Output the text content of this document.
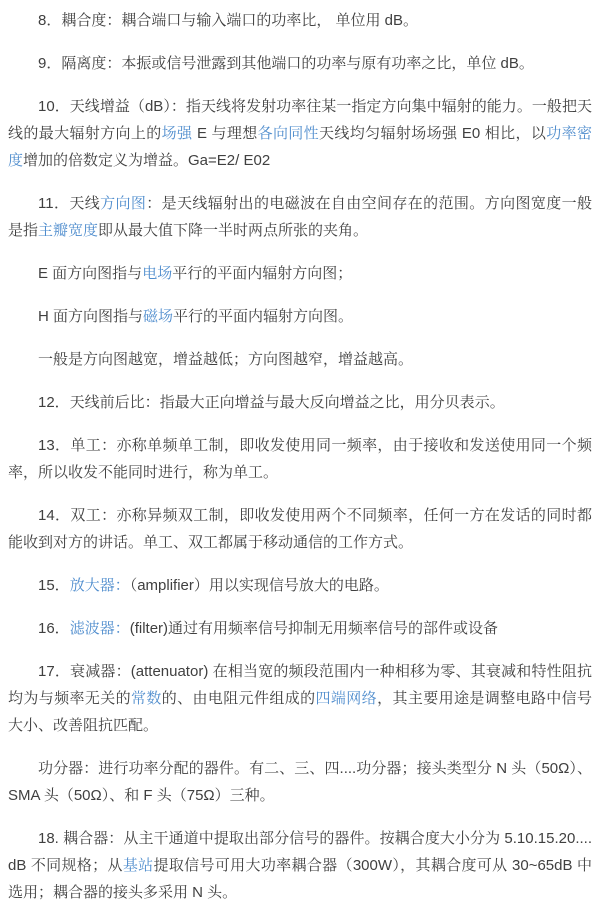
8．耦合度：耦合端口与输入端口的功率比， 单位用 dB。

9．隔离度：本振或信号泄露到其他端口的功率与原有功率之比，单位 dB。

10．天线增益（dB）：指天线将发射功率往某一指定方向集中辐射的能力。一般把天线的最大辐射方向上的场强 E 与理想各向同性天线均匀辐射场场强 E0 相比，以功率密度增加的倍数定义为增益。Ga=E2/ E02

11．天线方向图：是天线辐射出的电磁波在自由空间存在的范围。方向图宽度一般是指主瓣宽度即从最大值下降一半时两点所张的夹角。

E 面方向图指与电场平行的平面内辐射方向图；

H 面方向图指与磁场平行的平面内辐射方向图。

一般是方向图越宽，增益越低；方向图越窄，增益越高。

12．天线前后比：指最大正向增益与最大反向增益之比，用分贝表示。

13．单工：亦称单频单工制，即收发使用同一频率，由于接收和发送使用同一个频率，所以收发不能同时进行，称为单工。

14．双工：亦称异频双工制，即收发使用两个不同频率，任何一方在发话的同时都能收到对方的讲话。单工、双工都属于移动通信的工作方式。

15．放大器：（amplifier）用以实现信号放大的电路。

16．滤波器：(filter)通过有用频率信号抑制无用频率信号的部件或设备

17．衰减器：(attenuator) 在相当宽的频段范围内一种相移为零、其衰减和特性阻抗均为与频率无关的常数的、由电阻元件组成的四端网络，其主要用途是调整电路中信号大小、改善阻抗匹配。

功分器：进行功率分配的器件。有二、三、四....功分器；接头类型分 N 头（50Ω）、SMA 头（50Ω）、和 F 头（75Ω）三种。

18. 耦合器：从主干通道中提取出部分信号的器件。按耦合度大小分为 5.10.15.20.... dB 不同规格；从基站提取信号可用大功率耦合器（300W），其耦合度可从 30~65dB 中选用；耦合器的接头多采用 N 头。
